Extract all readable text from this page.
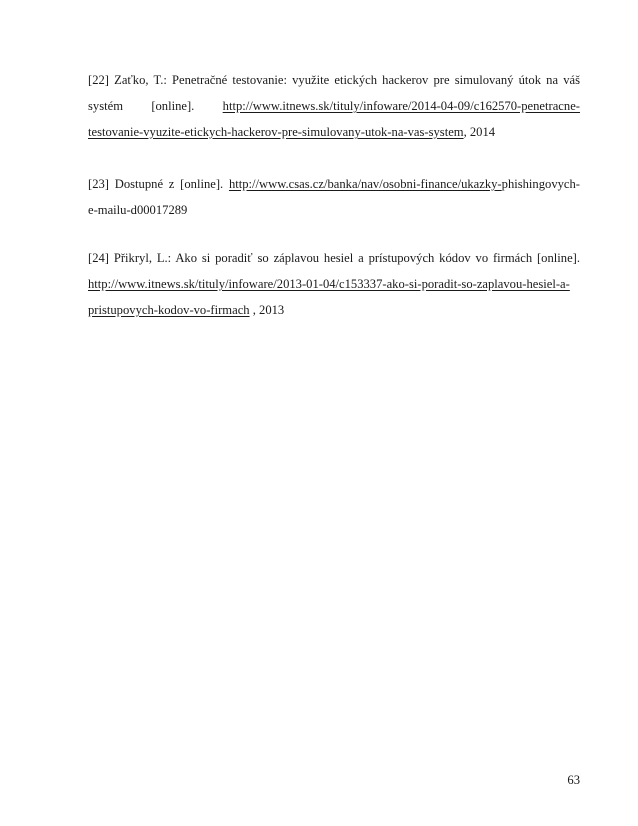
[22] Zaťko, T.: Penetračné testovanie: využite etických hackerov pre simulovaný útok na váš
systém [online]. http://www.itnews.sk/tituly/infoware/2014-04-09/c162570-penetracne-
testovanie-vyuzite-etickych-hackerov-pre-simulovany-utok-na-vas-system, 2014
[23] Dostupné z [online]. http://www.csas.cz/banka/nav/osobni-finance/ukazky-phishingovych-
e-mailu-d00017289
[24] Přikryl, L.: Ako si poradiť so záplavou hesiel a prístupových kódov vo firmách [online].
http://www.itnews.sk/tituly/infoware/2013-01-04/c153337-ako-si-poradit-so-zaplavou-hesiel-a-
pristupovych-kodov-vo-firmach , 2013
63
